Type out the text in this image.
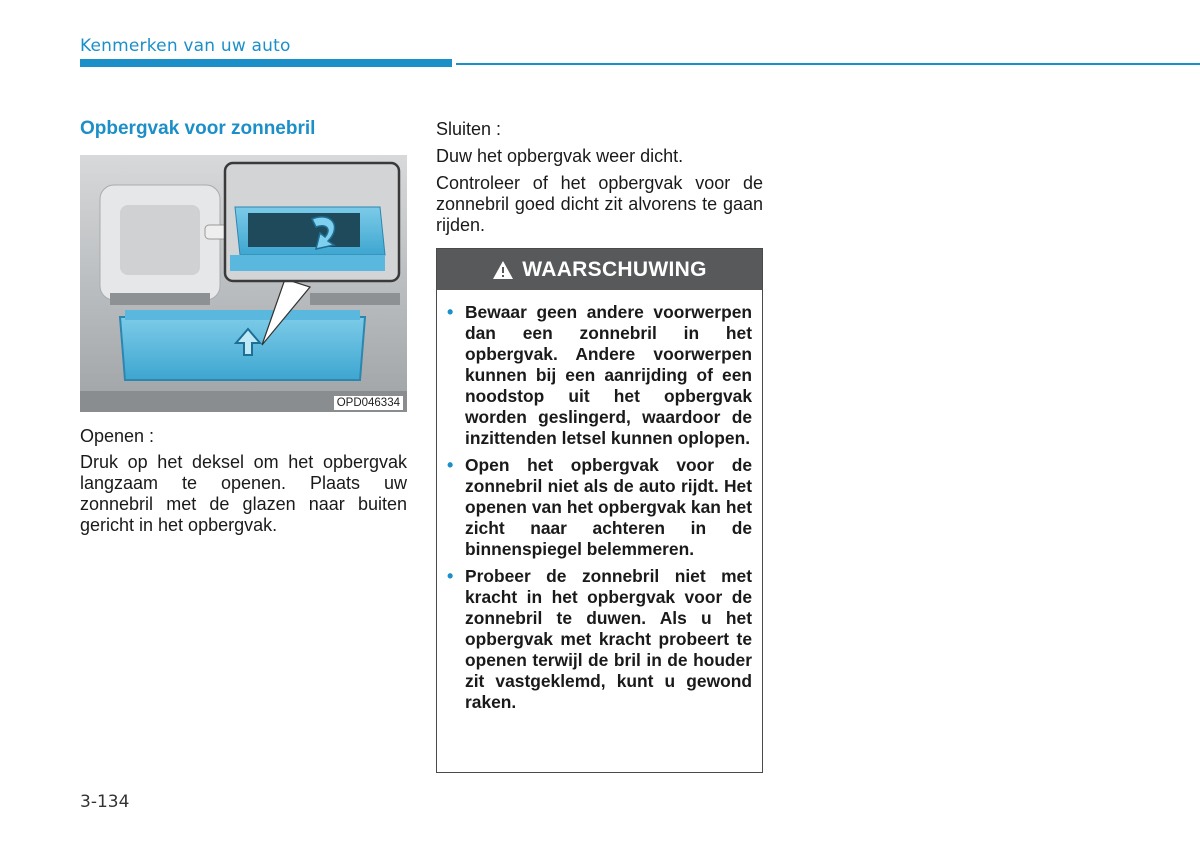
Kenmerken van uw auto
Opbergvak voor zonnebril
OPD046334

Openen :

Druk op het deksel om het opbergvak langzaam te openen. Plaats uw zonnebril met de glazen naar buiten gericht in het opbergvak.

Sluiten :

Duw het opbergvak weer dicht.

Controleer of het opbergvak voor de zonnebril goed dicht zit alvorens te gaan rijden.

WAARSCHUWING
• Bewaar geen andere voorwerpen dan een zonnebril in het opbergvak. Andere voorwerpen kunnen bij een aanrijding of een noodstop uit het opbergvak worden geslingerd, waardoor de inzittenden letsel kunnen oplopen.
• Open het opbergvak voor de zonnebril niet als de auto rijdt. Het openen van het opbergvak kan het zicht naar achteren in de binnenspiegel belemmeren.
• Probeer de zonnebril niet met kracht in het opbergvak voor de zonnebril te duwen. Als u het opbergvak met kracht probeert te openen terwijl de bril in de houder zit vastgeklemd, kunt u gewond raken.
3-134
